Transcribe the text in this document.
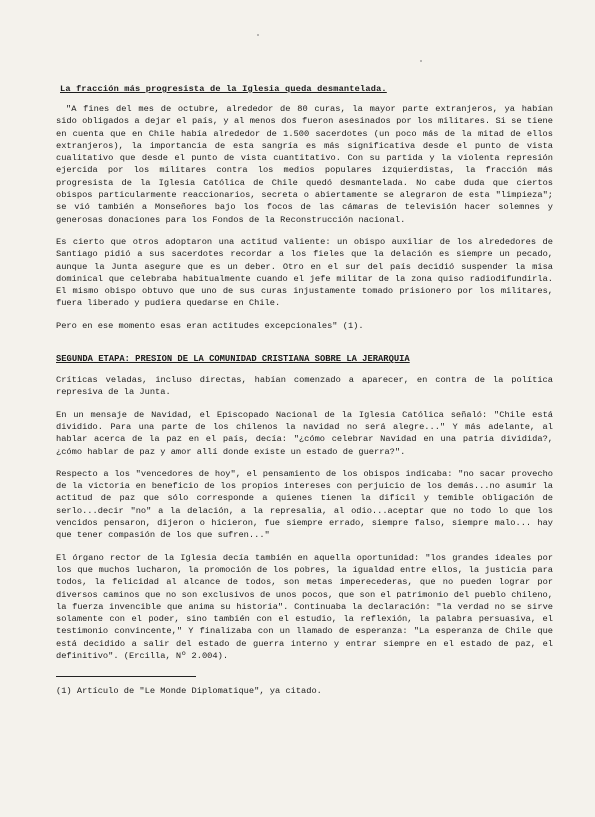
La fracción más progresista de la Iglesia queda desmantelada.

"A fines del mes de octubre, alrededor de 80 curas, la mayor parte extranjeros, ya habían sido obligados a dejar el país, y al menos dos fueron asesinados por los militares. Si se tiene en cuenta que en Chile había alrededor de 1.500 sacerdotes (un poco más de la mitad de ellos extranjeros), la importancia de esta sangría es más significativa desde el punto de vista cualitativo que desde el punto de vista cuantitativo. Con su partida y la violenta represión ejercida por los militares contra los medios populares izquierdistas, la fracción más progresista de la Iglesia Católica de Chile quedó desmantelada. No cabe duda que ciertos obispos particularmente reaccionarios, secreta o abiertamente se alegraron de esta "limpieza"; se vió también a Monseñores bajo los focos de las cámaras de televisión hacer solemnes y generosas donaciones para los Fondos de la Reconstrucción nacional.

Es cierto que otros adoptaron una actitud valiente: un obispo auxiliar de los alrededores de Santiago pidió a sus sacerdotes recordar a los fieles que la delación es siempre un pecado, aunque la Junta asegure que es un deber. Otro en el sur del país decidió suspender la misa dominical que celebraba habitualmente cuando el jefe militar de la zona quiso radiodifundirla. El mismo obispo obtuvo que uno de sus curas injustamente tomado prisionero por los militares, fuera liberado y pudiera quedarse en Chile.

Pero en ese momento esas eran actitudes excepcionales" (1).

SEGUNDA ETAPA: PRESION DE LA COMUNIDAD CRISTIANA SOBRE LA JERARQUIA

Críticas veladas, incluso directas, habían comenzado a aparecer, en contra de la política represiva de la Junta.

En un mensaje de Navidad, el Episcopado Nacional de la Iglesia Católica señaló: "Chile está dividido. Para una parte de los chilenos la navidad no será alegre..." Y más adelante, al hablar acerca de la paz en el país, decía: "¿cómo celebrar Navidad en una patria dividida?, ¿cómo hablar de paz y amor allí donde existe un estado de guerra?".

Respecto a los "vencedores de hoy", el pensamiento de los obispos indicaba: "no sacar provecho de la victoria en beneficio de los propios intereses con perjuicio de los demás...no asumir la actitud de paz que sólo corresponde a quienes tienen la difícil y temible obligación de serlo...decir "no" a la delación, a la represalia, al odio...aceptar que no todo lo que los vencidos pensaron, dijeron o hicieron, fue siempre errado, siempre falso, siempre malo... hay que tener compasión de los que sufren..."

El órgano rector de la Iglesia decía también en aquella oportunidad: "los grandes ideales por los que muchos lucharon, la promoción de los pobres, la igualdad entre ellos, la justicia para todos, la felicidad al alcance de todos, son metas imperecederas, que no pueden lograr por diversos caminos que no son exclusivos de unos pocos, que son el patrimonio del pueblo chileno, la fuerza invencible que anima su historia". Continuaba la declaración: "la verdad no se sirve solamente con el poder, sino también con el estudio, la reflexión, la palabra persuasiva, el testimonio convincente," Y finalizaba con un llamado de esperanza: "La esperanza de Chile que está decidido a salir del estado de guerra interno y entrar siempre en el estado de paz, el definitivo". (Ercilla, Nº 2.004).

(1) Artículo de "Le Monde Diplomatique", ya citado.
